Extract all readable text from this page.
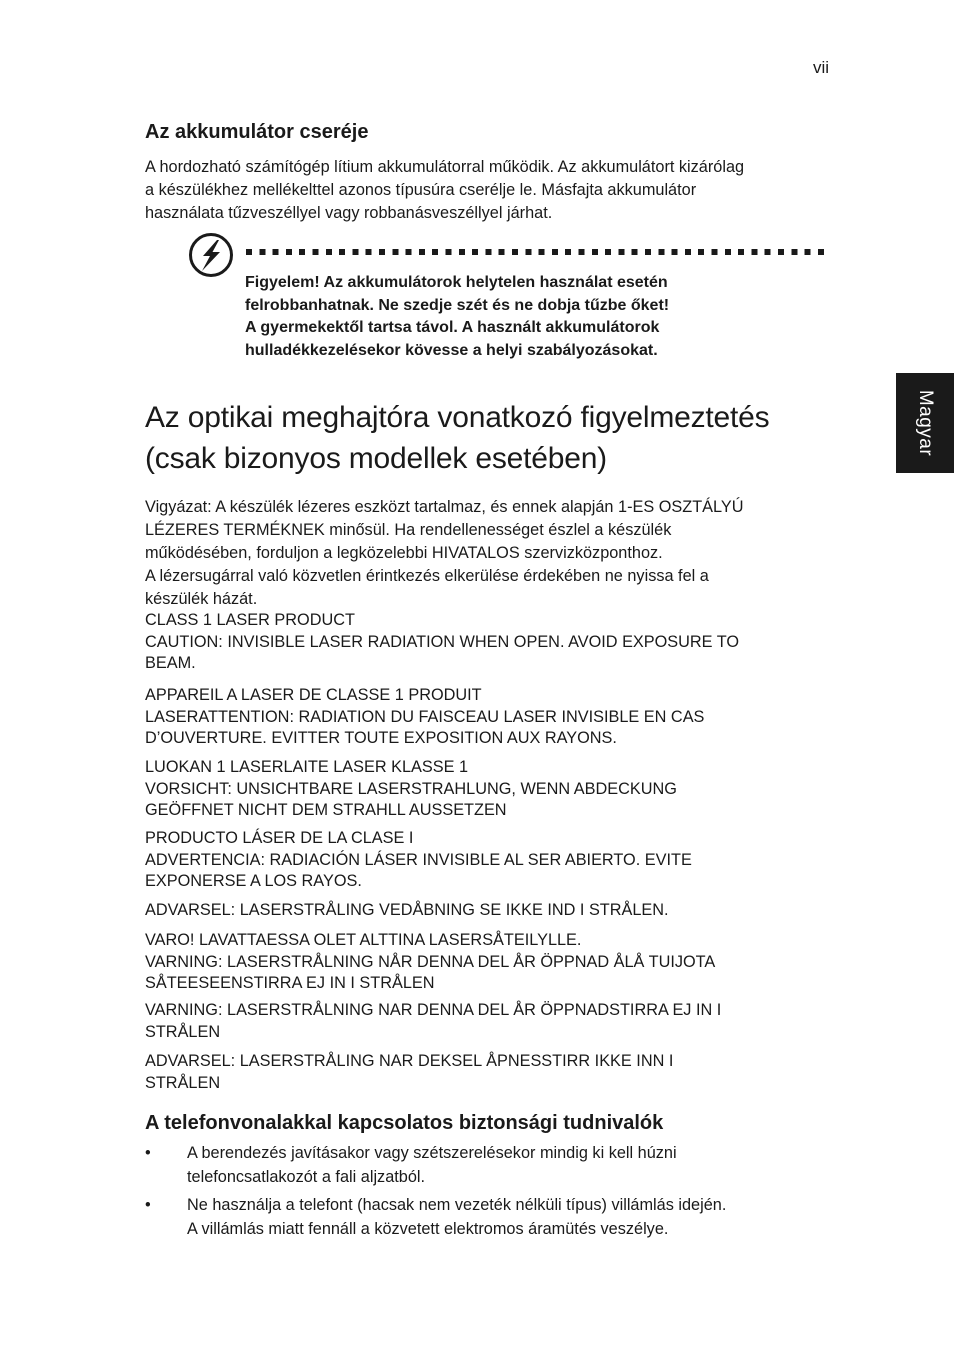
vii
Magyar
Az akkumulátor cseréje
A hordozható számítógép lítium akkumulátorral működik. Az akkumulátort kizárólag
a készülékhez mellékelttel azonos típusúra cserélje le. Másfajta akkumulátor
használata tűzveszéllyel vagy robbanásveszéllyel járhat.
Figyelem! Az akkumulátorok helytelen használat esetén
felrobbanhatnak. Ne szedje szét és ne dobja tűzbe őket!
A gyermekektől tartsa távol. A használt akkumulátorok
hulladékkezelésekor kövesse a helyi szabályozásokat.
Az optikai meghajtóra vonatkozó figyelmeztetés
(csak bizonyos modellek esetében)
Vigyázat: A készülék lézeres eszközt tartalmaz, és ennek alapján 1-ES OSZTÁLYÚ
LÉZERES TERMÉKNEK minősül. Ha rendellenességet észlel a készülék
működésében, forduljon a legközelebbi HIVATALOS szervizközponthoz.
A lézersugárral való közvetlen érintkezés elkerülése érdekében ne nyissa fel a
készülék házát.
CLASS 1 LASER PRODUCT
CAUTION: INVISIBLE LASER RADIATION WHEN OPEN. AVOID EXPOSURE TO
BEAM.
APPAREIL A LASER DE CLASSE 1 PRODUIT
LASERATTENTION: RADIATION DU FAISCEAU LASER INVISIBLE EN CAS
D’OUVERTURE. EVITTER TOUTE EXPOSITION AUX RAYONS.
LUOKAN 1 LASERLAITE LASER KLASSE 1
VORSICHT: UNSICHTBARE LASERSTRAHLUNG, WENN ABDECKUNG
GEÖFFNET NICHT DEM STRAHLL AUSSETZEN
PRODUCTO LÁSER DE LA CLASE I
ADVERTENCIA: RADIACIÓN LÁSER INVISIBLE AL SER ABIERTO. EVITE
EXPONERSE A LOS RAYOS.
ADVARSEL: LASERSTRÅLING VEDÅBNING SE IKKE IND I STRÅLEN.
VARO! LAVATTAESSA OLET ALTTINA LASERSÅTEILYLLE.
VARNING: LASERSTRÅLNING NÅR DENNA DEL ÅR ÖPPNAD ÅLÅ TUIJOTA
SÅTEESEENSTIRRA EJ IN I STRÅLEN
VARNING: LASERSTRÅLNING NAR DENNA DEL ÅR ÖPPNADSTIRRA EJ IN I
STRÅLEN
ADVARSEL: LASERSTRÅLING NAR DEKSEL ÅPNESSTIRR IKKE INN I
STRÅLEN
A telefonvonalakkal kapcsolatos biztonsági tudnivalók
• A berendezés javításakor vagy szétszerelésekor mindig ki kell húzni
telefoncsatlakozót a fali aljzatból.
• Ne használja a telefont (hacsak nem vezeték nélküli típus) villámlás idején.
A villámlás miatt fennáll a közvetett elektromos áramütés veszélye.
